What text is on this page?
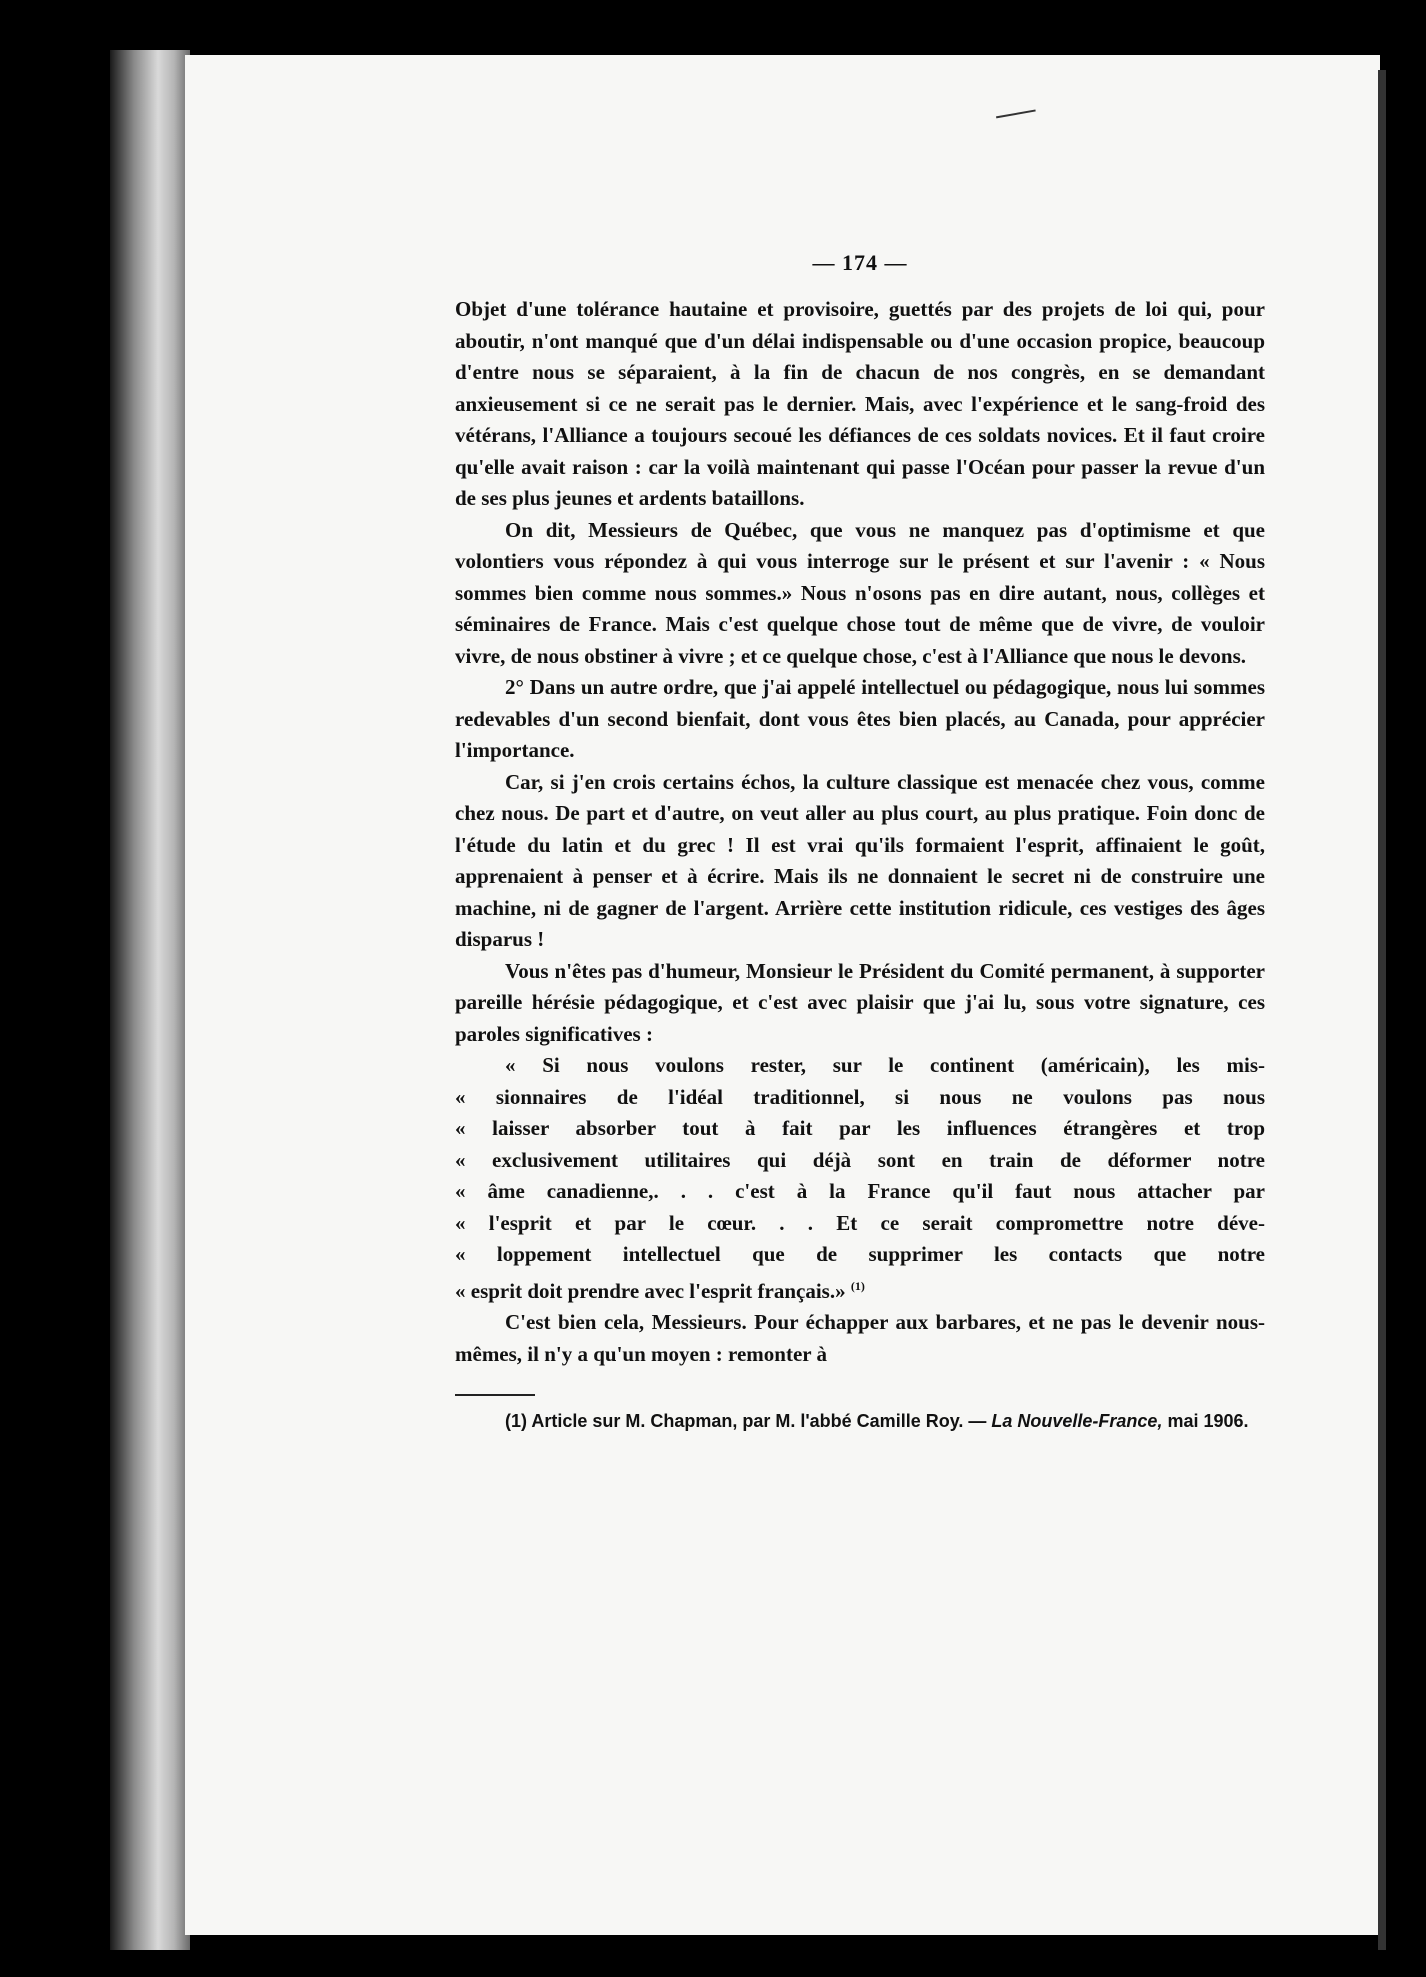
— 174 —

Objet d'une tolérance hautaine et provisoire, guettés par des projets de loi qui, pour aboutir, n'ont manqué que d'un délai indispensable ou d'une occasion propice, beaucoup d'entre nous se séparaient, à la fin de chacun de nos congrès, en se demandant anxieusement si ce ne serait pas le dernier. Mais, avec l'expérience et le sang-froid des vétérans, l'Alliance a toujours secoué les défiances de ces soldats novices. Et il faut croire qu'elle avait raison : car la voilà maintenant qui passe l'Océan pour passer la revue d'un de ses plus jeunes et ardents bataillons.

On dit, Messieurs de Québec, que vous ne manquez pas d'optimisme et que volontiers vous répondez à qui vous interroge sur le présent et sur l'avenir : « Nous sommes bien comme nous sommes.» Nous n'osons pas en dire autant, nous, collèges et séminaires de France. Mais c'est quelque chose tout de même que de vivre, de vouloir vivre, de nous obstiner à vivre ; et ce quelque chose, c'est à l'Alliance que nous le devons.

2° Dans un autre ordre, que j'ai appelé intellectuel ou pédagogique, nous lui sommes redevables d'un second bienfait, dont vous êtes bien placés, au Canada, pour apprécier l'importance.

Car, si j'en crois certains échos, la culture classique est menacée chez vous, comme chez nous. De part et d'autre, on veut aller au plus court, au plus pratique. Foin donc de l'étude du latin et du grec ! Il est vrai qu'ils formaient l'esprit, affinaient le goût, apprenaient à penser et à écrire. Mais ils ne donnaient le secret ni de construire une machine, ni de gagner de l'argent. Arrière cette institution ridicule, ces vestiges des âges disparus !

Vous n'êtes pas d'humeur, Monsieur le Président du Comité permanent, à supporter pareille hérésie pédagogique, et c'est avec plaisir que j'ai lu, sous votre signature, ces paroles significatives :

« Si nous voulons rester, sur le continent (américain), les mis-
« sionnaires de l'idéal traditionnel, si nous ne voulons pas nous
« laisser absorber tout à fait par les influences étrangères et trop
« exclusivement utilitaires qui déjà sont en train de déformer notre
« âme canadienne,. . . c'est à la France qu'il faut nous attacher par
« l'esprit et par le cœur. . . Et ce serait compromettre notre déve-
« loppement intellectuel que de supprimer les contacts que notre
« esprit doit prendre avec l'esprit français.» $^{(1)}$

C'est bien cela, Messieurs. Pour échapper aux barbares, et ne pas le devenir nous-mêmes, il n'y a qu'un moyen : remonter à

(1) Article sur M. Chapman, par M. l'abbé Camille Roy. — La Nouvelle-France, mai 1906.
